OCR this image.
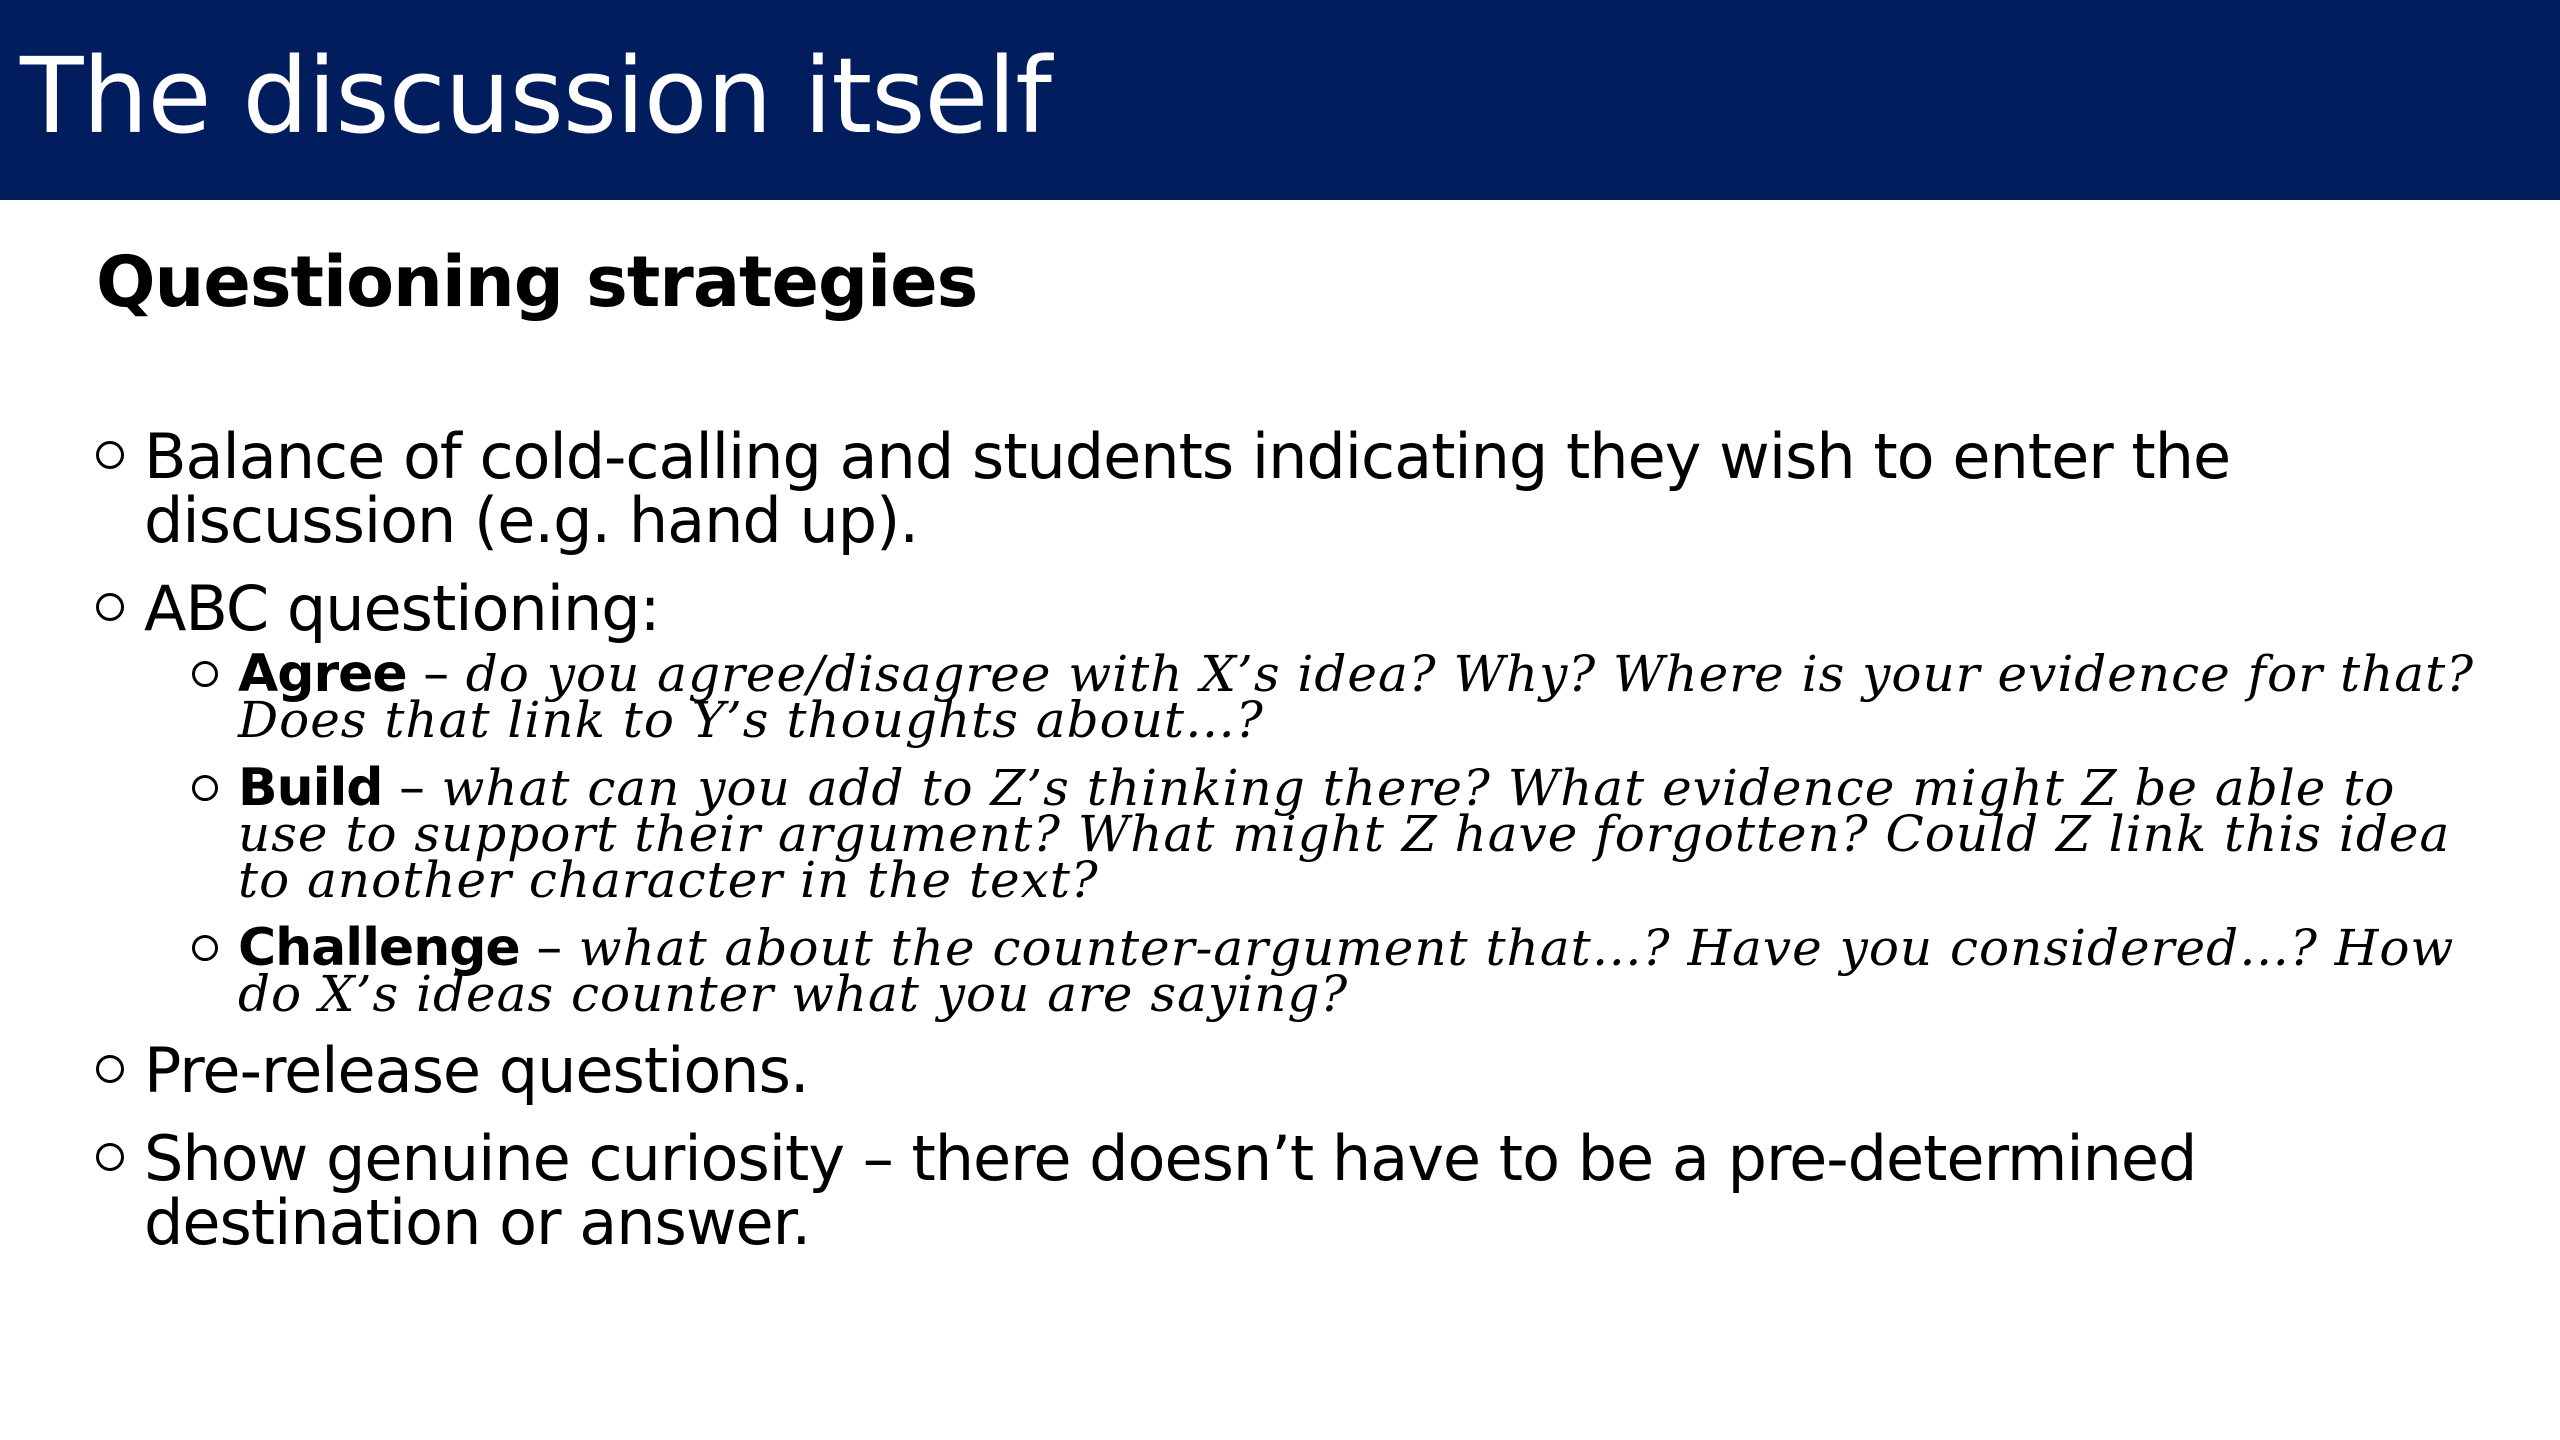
The discussion itself
Questioning strategies
Balance of cold-calling and students indicating they wish to enter the discussion (e.g. hand up).
ABC questioning:
Agree – do you agree/disagree with X’s idea? Why? Where is your evidence for that? Does that link to Y’s thoughts about…?
Build – what can you add to Z’s thinking there? What evidence might Z be able to use to support their argument? What might Z have forgotten? Could Z link this idea to another character in the text?
Challenge – what about the counter-argument that…? Have you considered…? How do X’s ideas counter what you are saying?
Pre-release questions.
Show genuine curiosity – there doesn’t have to be a pre-determined destination or answer.
